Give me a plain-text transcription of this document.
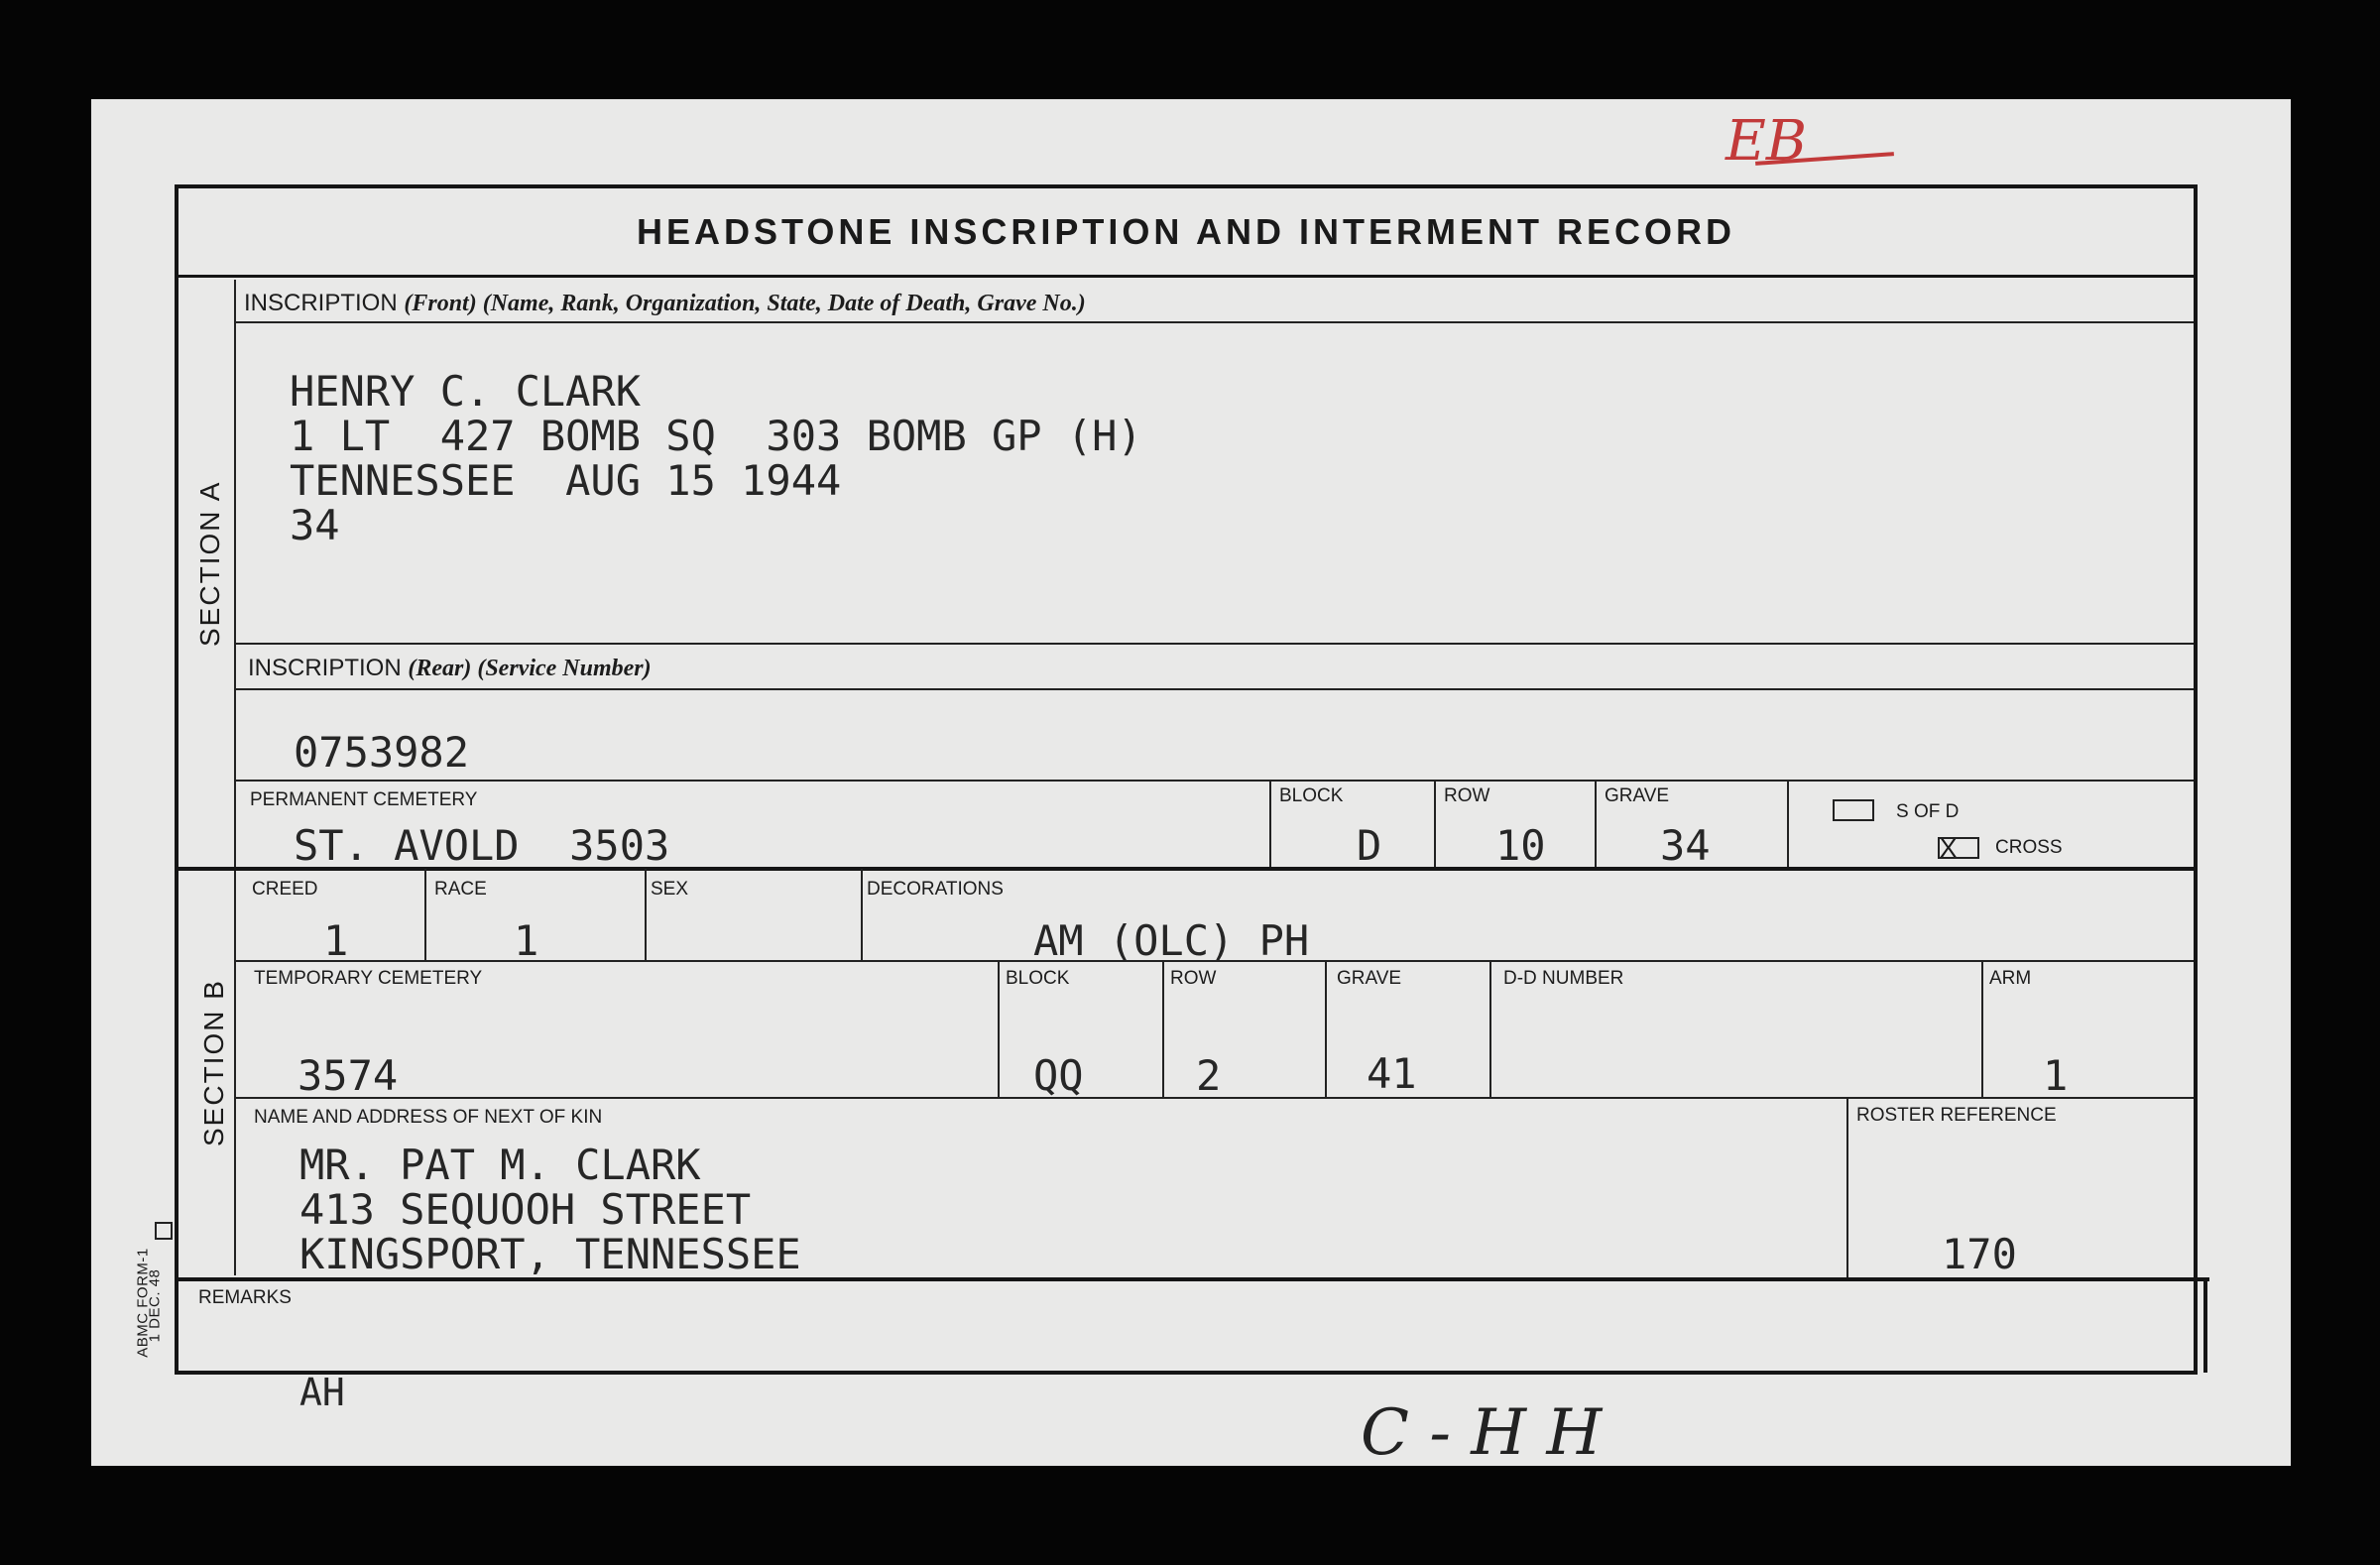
HEADSTONE INSCRIPTION AND INTERMENT RECORD
SECTION A
SECTION B
INSCRIPTION (Front) (Name, Rank, Organization, State, Date of Death, Grave No.)
HENRY C. CLARK
1 LT  427 BOMB SQ  303 BOMB GP (H)
TENNESSEE  AUG 15 1944
34
INSCRIPTION (Rear) (Service Number)
0753982
PERMANENT CEMETERY
ST. AVOLD  3503
BLOCK
D
ROW
10
GRAVE
34
S OF D
X CROSS
CREED
1
RACE
1
SEX	DECORATIONS
AM (OLC) PH
TEMPORARY CEMETERY
3574
BLOCK
QQ
ROW
2
GRAVE
41
D-D NUMBER	ARM
1
NAME AND ADDRESS OF NEXT OF KIN
MR. PAT M. CLARK
413 SEQUOOH STREET
KINGSPORT, TENNESSEE
ROSTER REFERENCE
170
REMARKS
AH
ABMC FORM-1
1 DEC. 48
EB
C - H H
